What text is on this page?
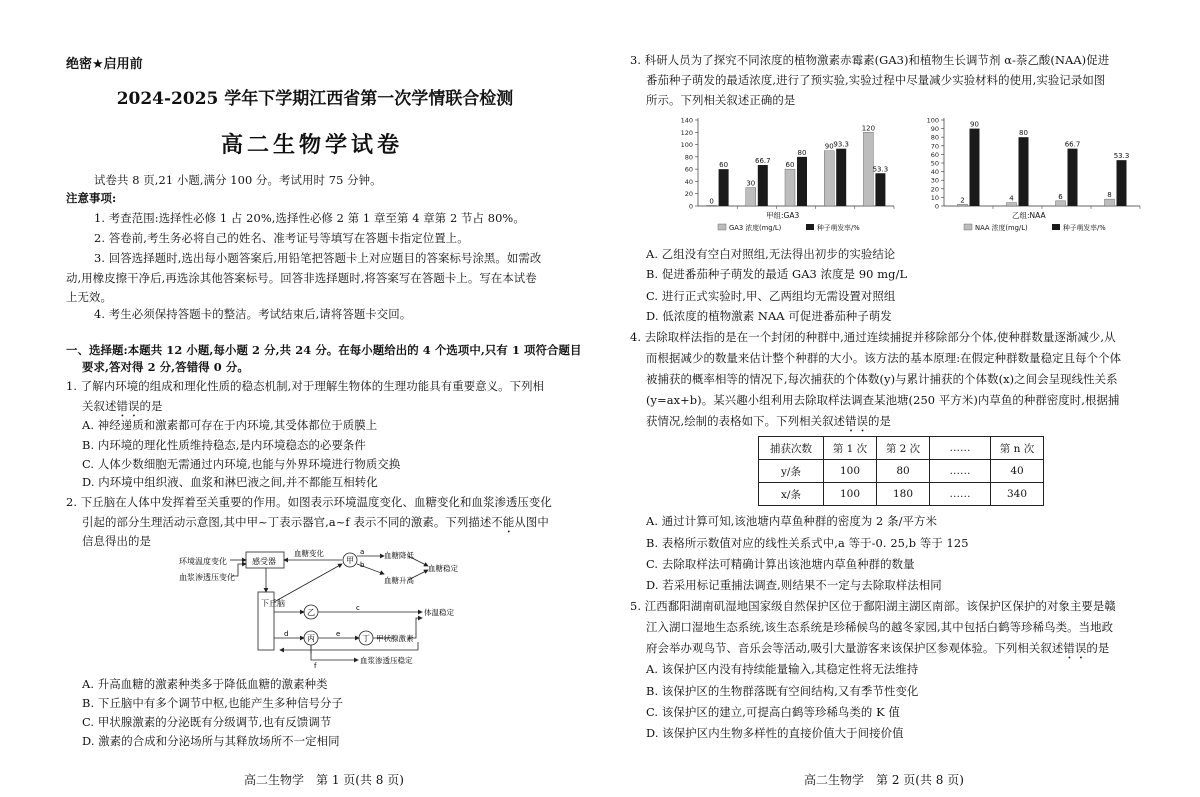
绝密★启用前
2024-2025 学年下学期江西省第一次学情联合检测
高二生物学试卷
试卷共 8 页,21 小题,满分 100 分。考试用时 75 分钟。
注意事项:
1. 考查范围:选择性必修 1 占 20%,选择性必修 2 第 1 章至第 4 章第 2 节占 80%。
2. 答卷前,考生务必将自己的姓名、准考证号等填写在答题卡指定位置上。
3. 回答选择题时,选出每小题答案后,用铅笔把答题卡上对应题目的答案标号涂黑。如需改
动,用橡皮擦干净后,再选涂其他答案标号。回答非选择题时,将答案写在答题卡上。写在本试卷
上无效。
4. 考生必须保持答题卡的整洁。考试结束后,请将答题卡交回。
一、选择题:本题共 12 小题,每小题 2 分,共 24 分。在每小题给出的 4 个选项中,只有 1 项符合题目
要求,答对得 2 分,答错得 0 分。
1. 了解内环境的组成和理化性质的稳态机制,对于理解生物体的生理功能具有重要意义。下列相
关叙述错误的是
A. 神经递质和激素都可存在于内环境,其受体都位于质膜上
B. 内环境的理化性质维持稳态,是内环境稳态的必要条件
C. 人体少数细胞无需通过内环境,也能与外界环境进行物质交换
D. 内环境中组织液、血浆和淋巴液之间,并不都能互相转化
2. 下丘脑在人体中发挥着至关重要的作用。如图表示环境温度变化、血糖变化和血浆渗透压变化
引起的部分生理活动示意图,其中甲~丁表示器官,a~f 表示不同的激素。下列描述不能从图中
信息得出的是
环境温度变化
血浆渗透压变化
感受器
血糖变化
甲
a
b
血糖降低
血糖升高
血糖稳定
下丘脑
乙	c	体温稳定
d 丙	e	丁 甲状腺激素
f
血浆渗透压稳定
A. 升高血糖的激素种类多于降低血糖的激素种类
B. 下丘脑中有多个调节中枢,也能产生多种信号分子
C. 甲状腺激素的分泌既有分级调节,也有反馈调节
D. 激素的合成和分泌场所与其释放场所不一定相同
高二生物学　第 1 页(共 8 页)
3. 科研人员为了探究不同浓度的植物激素赤霉素(GA3)和植物生长调节剂 α-萘乙酸(NAA)促进
番茄种子萌发的最适浓度,进行了预实验,实验过程中尽量减少实验材料的使用,实验记录如图
所示。下列相关叙述正确的是
0
20
40
60
80
100
120
140
0
60
30
66.7
60
80
90 93.3
120
53.3
甲组:GA3
GA3 浓度(mg/L)	种子萌发率/%
0
10
20
30
40
50
60
70
80
90
100
2
90
4
80
6
66.7
8
53.3
乙组:NAA
NAA 浓度(mg/L)	种子萌发率/%
A. 乙组没有空白对照组,无法得出初步的实验结论
B. 促进番茄种子萌发的最适 GA3 浓度是 90 mg/L
C. 进行正式实验时,甲、乙两组均无需设置对照组
D. 低浓度的植物激素 NAA 可促进番茄种子萌发
4. 去除取样法指的是在一个封闭的种群中,通过连续捕捉并移除部分个体,使种群数量逐渐减少,从
而根据减少的数量来估计整个种群的大小。该方法的基本原理:在假定种群数量稳定且每个个体
被捕获的概率相等的情况下,每次捕获的个体数(y)与累计捕获的个体数(x)之间会呈现线性关系
(y=ax+b)。某兴趣小组利用去除取样法调查某池塘(250 平方米)内草鱼的种群密度时,根据捕
获情况,绘制的表格如下。下列相关叙述错误的是
A. 通过计算可知,该池塘内草鱼种群的密度为 2 条/平方米
B. 表格所示数值对应的线性关系式中,a 等于-0. 25,b 等于 125
C. 去除取样法可精确计算出该池塘内草鱼种群的数量
D. 若采用标记重捕法调查,则结果不一定与去除取样法相同
5. 江西鄱阳湖南矶湿地国家级自然保护区位于鄱阳湖主湖区南部。该保护区保护的对象主要是赣
江入湖口湿地生态系统,该生态系统是珍稀候鸟的越冬家园,其中包括白鹤等珍稀鸟类。当地政
府会举办观鸟节、音乐会等活动,吸引大量游客来该保护区参观体验。下列相关叙述错误的是
A. 该保护区内没有持续能量输入,其稳定性将无法维持
B. 该保护区的生物群落既有空间结构,又有季节性变化
C. 该保护区的建立,可提高白鹤等珍稀鸟类的 K 值
D. 该保护区内生物多样性的直接价值大于间接价值
高二生物学　第 2 页(共 8 页)
捕获次数	第 1 次	第 2 次	……	第 n 次
y/条	100	80	……	40
x/条	100	180	……	340
